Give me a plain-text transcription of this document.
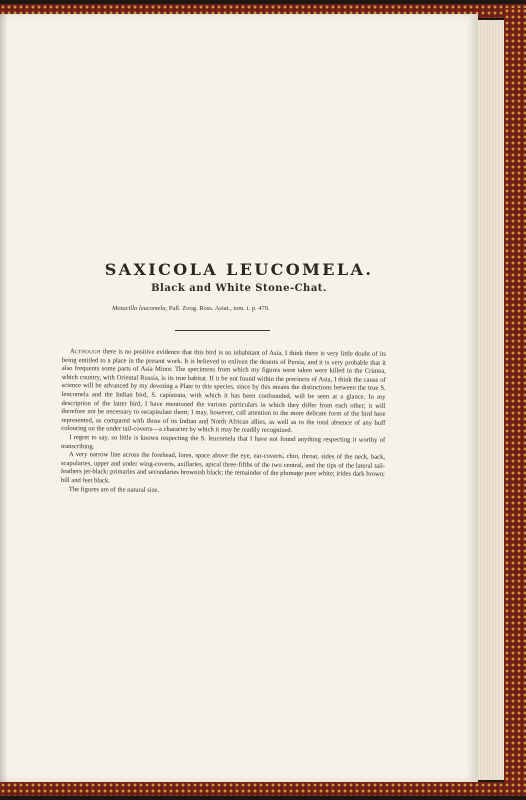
SAXICOLA LEUCOMELA.
Black and White Stone-Chat.
Motacilla leucomela, Pall. Zoog. Ross. Asiat., tom. i. p. 479.

Although there is no positive evidence that this bird is an inhabitant of Asia, I think there is very little doubt of its being entitled to a place in the present work. It is believed to enliven the deserts of Persia, and it is very probable that it also frequents some parts of Asia Minor. The specimens from which my figures were taken were killed in the Crimea, which country, with Oriental Russia, is its true habitat. If it be not found within the precincts of Asia, I think the cause of science will be advanced by my devoting a Plate to this species, since by this means the distinctions between the true S. leucomela and the Indian bird, S. capistrata, with which it has been confounded, will be seen at a glance. In my description of the latter bird, I have mentioned the various particulars in which they differ from each other; it will therefore not be necessary to recapitulate them; I may, however, call attention to the more delicate form of the bird here represented, as compared with those of its Indian and North African allies, as well as to the total absence of any buff colouring on the under tail-coverts—a character by which it may be readily recognized.

I regret to say, so little is known respecting the S. leucomela that I have not found anything respecting it worthy of transcribing.

A very narrow line across the forehead, lores, space above the eye, ear-coverts, chin, throat, sides of the neck, back, scapularies, upper and under wing-coverts, axillaries, apical three-fifths of the two central, and the tips of the lateral tail-feathers jet-black; primaries and secondaries brownish black; the remainder of the plumage pure white; irides dark brown; bill and feet black.

The figures are of the natural size.
